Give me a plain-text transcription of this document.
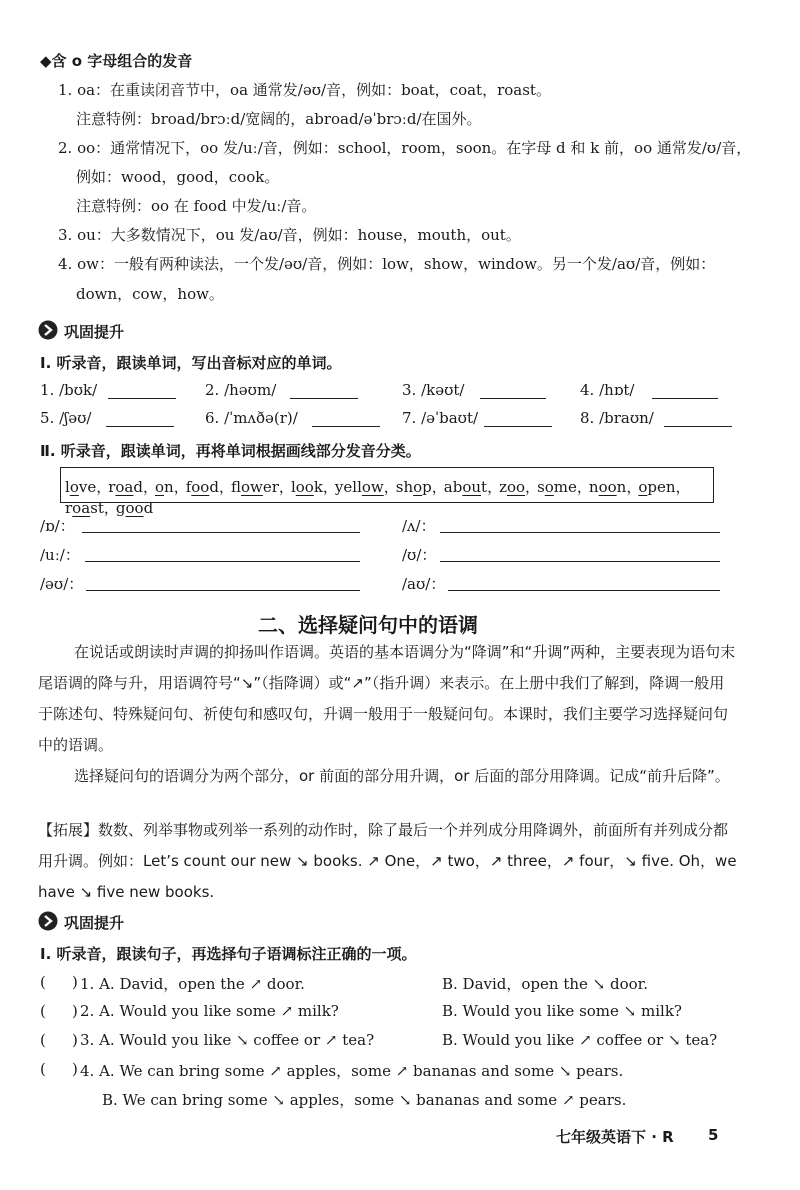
◆含 o 字母组合的发音
1. oa：在重读闭音节中，oa 通常发/əʊ/音，例如：boat，coat，roast。
注意特例：broad/brɔːd/宽阔的，abroad/əˈbrɔːd/在国外。
2. oo：通常情况下，oo 发/uː/音，例如：school，room，soon。在字母 d 和 k 前，oo 通常发/ʊ/音，
例如：wood，good，cook。
注意特例：oo 在 food 中发/uː/音。
3. ou：大多数情况下，ou 发/aʊ/音，例如：house，mouth，out。
4. ow：一般有两种读法，一个发/əʊ/音，例如：low，show，window。另一个发/aʊ/音，例如：
down，cow，how。
巩固提升
Ⅰ. 听录音，跟读单词，写出音标对应的单词。
1. /bʊk/	2. /həʊm/	3. /kəʊt/	4. /hɒt/
5. /ʃəʊ/	6. /ˈmʌðə(r)/	7. /əˈbaʊt/	8. /braʊn/
Ⅱ. 听录音，跟读单词，再将单词根据画线部分发音分类。
love，road，on，food，flower，look，yellow，shop，about，zoo，some，noon，open，roast，good
/ɒ/：	/ʌ/：
/uː/：	/ʊ/：
/əʊ/：	/aʊ/：
二、选择疑问句中的语调
在说话或朗读时声调的抑扬叫作语调。英语的基本语调分为“降调”和“升调”两种，主要表现为语句末尾语调的降与升，用语调符号“↘”（指降调）或“↗”（指升调）来表示。在上册中我们了解到，降调一般用于陈述句、特殊疑问句、祈使句和感叹句，升调一般用于一般疑问句。本课时，我们主要学习选择疑问句中的语调。
选择疑问句的语调分为两个部分，or 前面的部分用升调，or 后面的部分用降调。记成“前升后降”。
【拓展】数数、列举事物或列举一系列的动作时，除了最后一个并列成分用降调外，前面所有并列成分都用升调。例如：Let’s count our new ↘ books. ↗ One，↗ two，↗ three，↗ four，↘ five. Oh，we have ↘ five new books.
巩固提升
Ⅰ. 听录音，跟读句子，再选择句子语调标注正确的一项。
( ) 1. A. David，open the ↗ door.	B. David，open the ↘ door.
( ) 2. A. Would you like some ↗ milk?	B. Would you like some ↘ milk?
( ) 3. A. Would you like ↘ coffee or ↗ tea?	B. Would you like ↗ coffee or ↘ tea?
( ) 4. A. We can bring some ↗ apples，some ↗ bananas and some ↘ pears.
B. We can bring some ↘ apples，some ↘ bananas and some ↗ pears.
七年级英语下 · R 5
